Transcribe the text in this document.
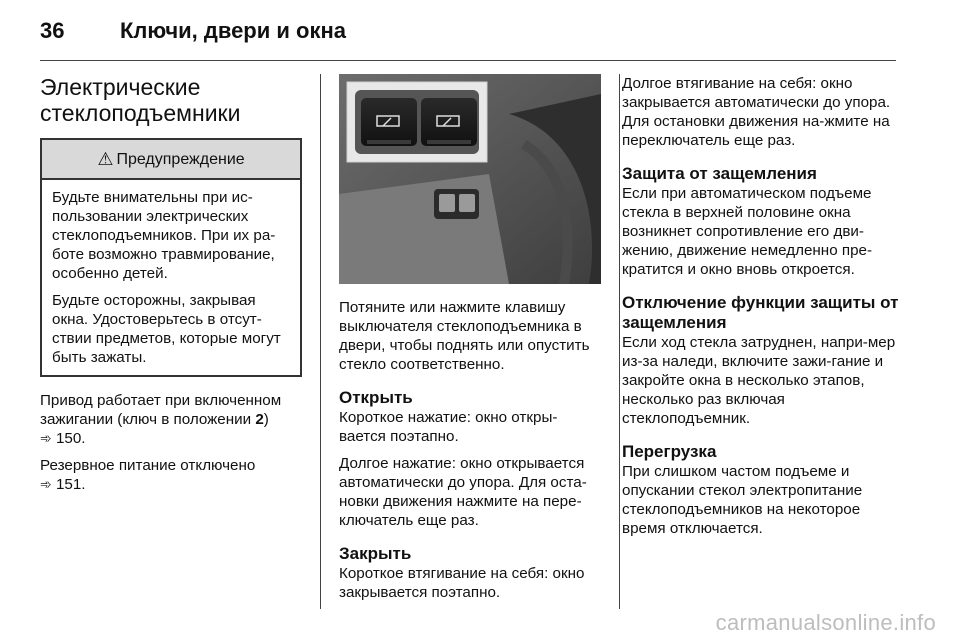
36	Ключи, двери и окна
Электрические
стеклоподъемники
⚠ Предупреждение

Будьте внимательны при ис-пользовании электрических стеклоподъемников. При их ра-боте возможно травмирование, особенно детей.

Будьте осторожны, закрывая окна. Удостоверьтесь в отсут-ствии предметов, которые могут быть зажаты.

Привод работает при включенном зажигании (ключ в положении 2)
➾ 150.

Резервное питание отключено
➾ 151.

Потяните или нажмите клавишу выключателя стеклоподъемника в двери, чтобы поднять или опустить стекло соответственно.

Открыть

Короткое нажатие: окно откры-вается поэтапно.

Долгое нажатие: окно открывается автоматически до упора. Для оста-новки движения нажмите на пере-ключатель еще раз.

Закрыть

Короткое втягивание на себя: окно закрывается поэтапно.

Долгое втягивание на себя: окно закрывается автоматически до упора. Для остановки движения на-жмите на переключатель еще раз.

Защита от защемления

Если при автоматическом подъеме стекла в верхней половине окна возникнет сопротивление его дви-жению, движение немедленно пре-кратится и окно вновь откроется.

Отключение функции защиты от защемления

Если ход стекла затруднен, напри-мер из-за наледи, включите зажи-гание и закройте окна в несколько этапов, несколько раз включая стеклоподъемник.

Перегрузка

При слишком частом подъеме и опускании стекол электропитание стеклоподъемников на некоторое время отключается.

carmanualsonline.info
